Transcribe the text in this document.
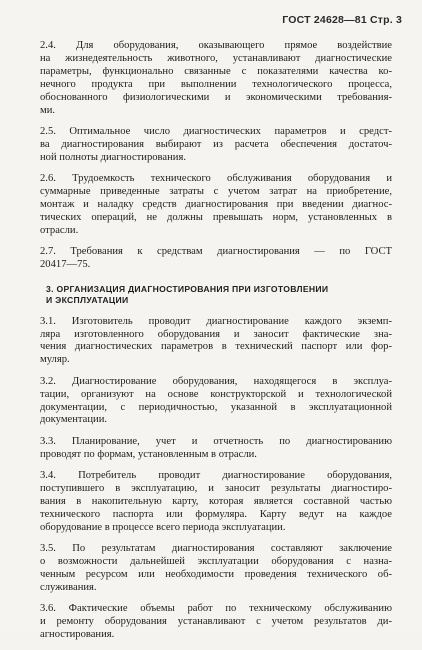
ГОСТ 24628—81 Стр. 3
2.4. Для оборудования, оказывающего прямое воздействие
на жизнедеятельность животного, устанавливают диагностические
параметры, функционально связанные с показателями качества ко-
нечного продукта при выполнении технологического процесса,
обоснованного физиологическими и экономическими требования-
ми.
2.5. Оптимальное число диагностических параметров и средст-
ва диагностирования выбирают из расчета обеспечения достаточ-
ной полноты диагностирования.
2.6. Трудоемкость технического обслуживания оборудования и
суммарные приведенные затраты с учетом затрат на приобретение,
монтаж и наладку средств диагностирования при введении диагнос-
тических операций, не должны превышать норм, установленных в
отрасли.
2.7. Требования к средствам диагностирования — по ГОСТ
20417—75.
3. ОРГАНИЗАЦИЯ ДИАГНОСТИРОВАНИЯ ПРИ ИЗГОТОВЛЕНИИ
И ЭКСПЛУАТАЦИИ
3.1. Изготовитель проводит диагностирование каждого экземп-
ляра изготовленного оборудования и заносит фактические зна-
чения диагностических параметров в технический паспорт или фор-
муляр.
3.2. Диагностирование оборудования, находящегося в эксплуа-
тации, организуют на основе конструкторской и технологической
документации, с периодичностью, указанной в эксплуатационной
документации.
3.3. Планирование, учет и отчетность по диагностированию
проводят по формам, установленным в отрасли.
3.4. Потребитель проводит диагностирование оборудования,
поступившего в эксплуатацию, и заносит результаты диагностиро-
вания в накопительную карту, которая является составной частью
технического паспорта или формуляра. Карту ведут на каждое
оборудование в процессе всего периода эксплуатации.
3.5. По результатам диагностирования составляют заключение
о возможности дальнейшей эксплуатации оборудования с назна-
ченным ресурсом или необходимости проведения технического об-
служивания.
3.6. Фактические объемы работ по техническому обслуживанию
и ремонту оборудования устанавливают с учетом результатов ди-
агностирования.
